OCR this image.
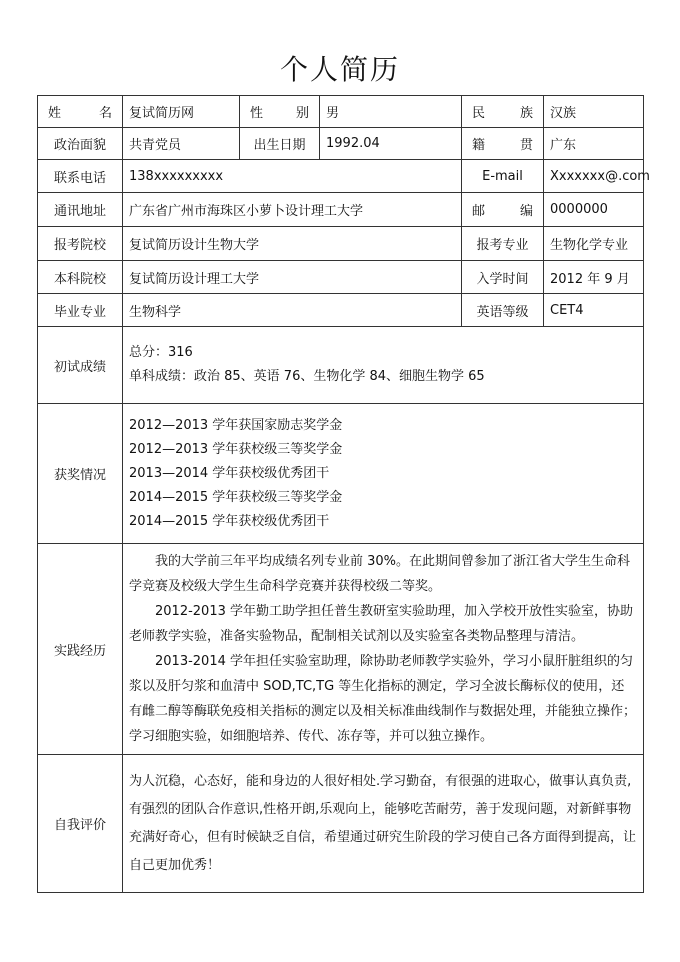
个人简历
姓 名	复试简历网	性 别	男	民 族	汉族
政治面貌	共青党员	出生日期	1992.04	籍 贯	广东
联系电话	138xxxxxxxxx			E-mail	Xxxxxxx@.com
通讯地址	广东省广州市海珠区小萝卜设计理工大学			邮 编	0000000
报考院校	复试简历设计生物大学			报考专业	生物化学专业
本科院校	复试简历设计理工大学			入学时间	2012 年 9 月
毕业专业	生物科学			英语等级	CET4
初试成绩	总分：316
单科成绩：政治 85、英语 76、生物化学 84、细胞生物学 65				

获奖情况	2012—2013 学年获国家励志奖学金
2012—2013 学年获校级三等奖学金
2013—2014 学年获校级优秀团干
2014—2015 学年获校级三等奖学金
2014—2015 学年获校级优秀团干				

实践经历	我的大学前三年平均成绩名列专业前 30%。在此期间曾参加了浙江省大学生生命科学竞赛及校级大学生生命科学竞赛并获得校级二等奖。
2012-2013 学年勤工助学担任普生教研室实验助理，加入学校开放性实验室，协助老师教学实验，准备实验物品，配制相关试剂以及实验室各类物品整理与清洁。
2013-2014 学年担任实验室助理，除协助老师教学实验外，学习小鼠肝脏组织的匀浆以及肝匀浆和血清中 SOD,TC,TG 等生化指标的测定，学习全波长酶标仪的使用，还有雌二醇等酶联免疫相关指标的测定以及相关标准曲线制作与数据处理，并能独立操作；学习细胞实验，如细胞培养、传代、冻存等，并可以独立操作。				

自我评价	为人沉稳，心态好，能和身边的人很好相处.学习勤奋，有很强的进取心，做事认真负责,有强烈的团队合作意识,性格开朗,乐观向上，能够吃苦耐劳，善于发现问题，对新鲜事物充满好奇心，但有时候缺乏自信，希望通过研究生阶段的学习使自己各方面得到提高，让自己更加优秀！				
